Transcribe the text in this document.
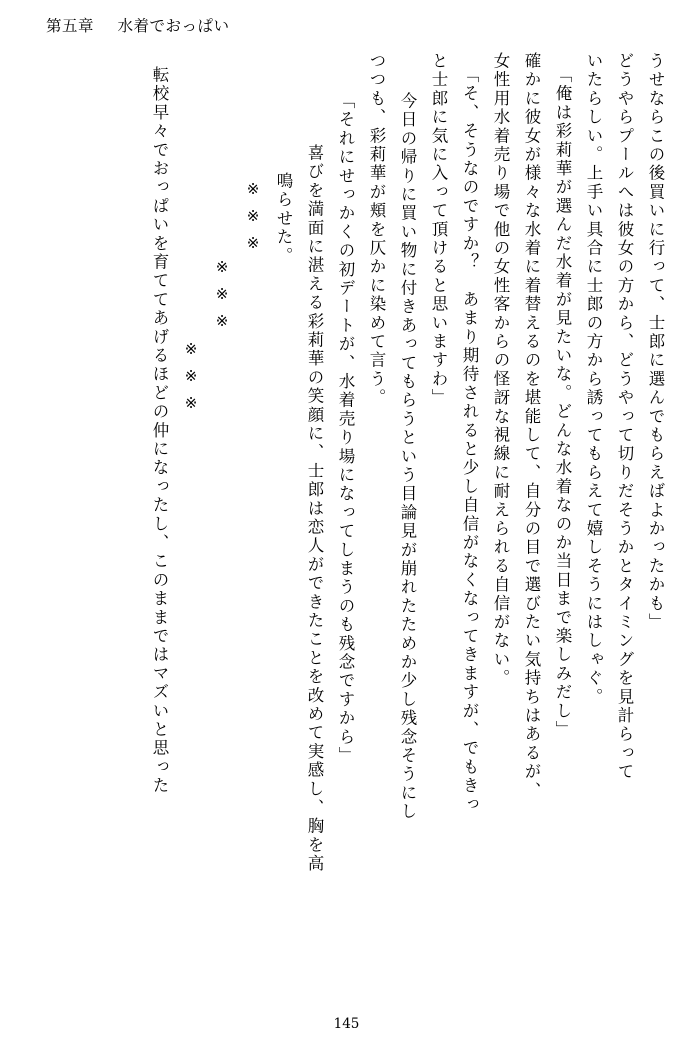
第五章 水着でおっぱい
うせならこの後買いに行って、士郎に選んでもらえばよかったかも」
どうやらプールへは彼女の方から、どうやって切りだそうかとタイミングを見計らって
いたらしい。上手い具合に士郎の方から誘ってもらえて嬉しそうにはしゃぐ。
「俺は彩莉華が選んだ水着が見たいな。どんな水着なのか当日まで楽しみだし」
確かに彼女が様々な水着に着替えるのを堪能して、自分の目で選びたい気持ちはあるが、
女性用水着売り場で他の女性客からの怪訝な視線に耐えられる自信がない。
「そ、そうなのですか？　あまり期待されると少し自信がなくなってきますが、でもきっ
と士郎に気に入って頂けると思いますわ」
今日の帰りに買い物に付きあってもらうという目論見が崩れたためか少し残念そうにし
つつも、彩莉華が頬を仄かに染めて言う。
「それにせっかくの初デートが、水着売り場になってしまうのも残念ですから」
喜びを満面に湛える彩莉華の笑顔に、士郎は恋人ができたことを改めて実感し、胸を高
鳴らせた。
※※※
※※※
※※※
転校早々でおっぱいを育ててあげるほどの仲になったし、このままではマズいと思った
145
